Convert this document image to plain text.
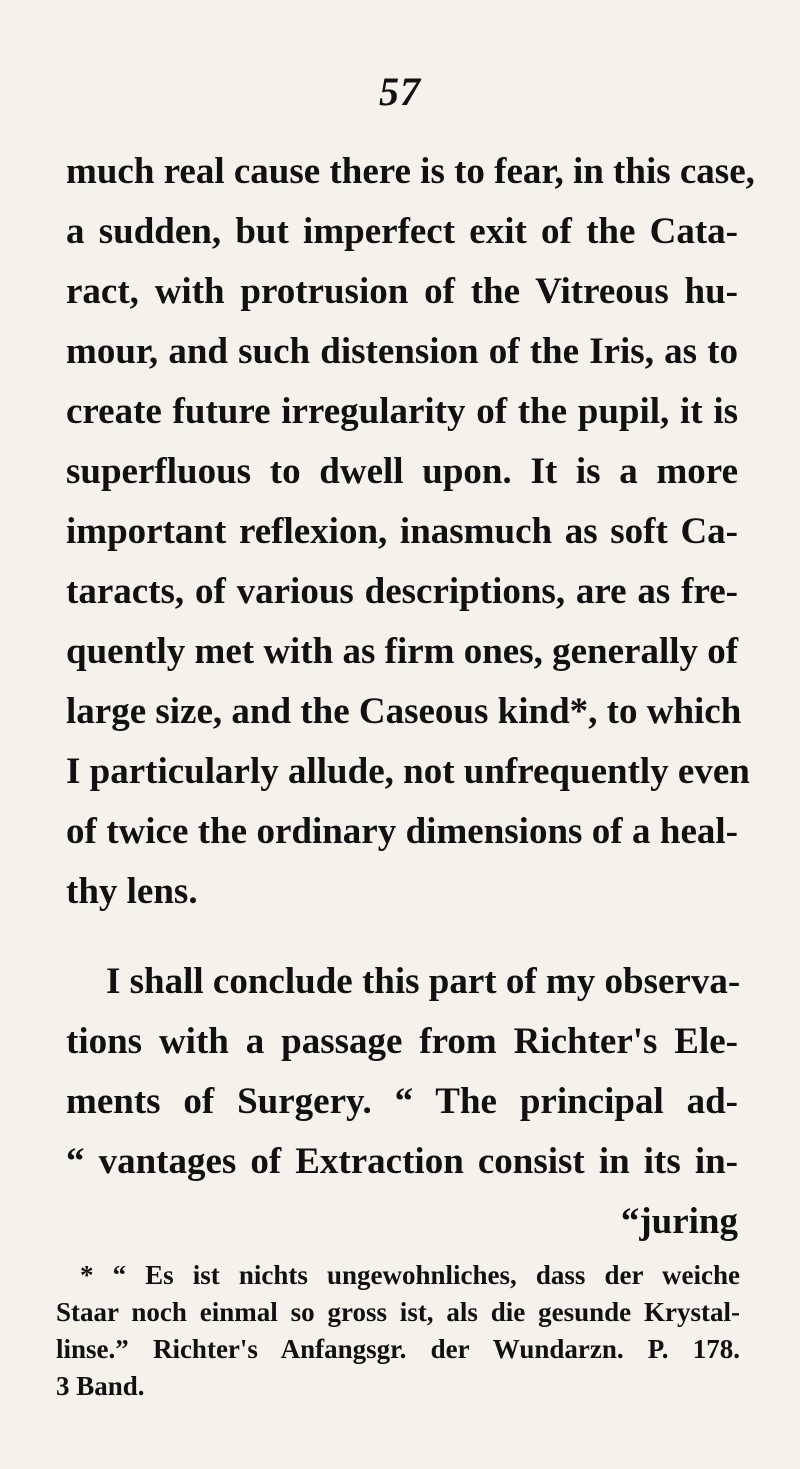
57
much real cause there is to fear, in this case,
a sudden, but imperfect exit of the Cata-
ract, with protrusion of the Vitreous hu-
mour, and such distension of the Iris, as to
create future irregularity of the pupil, it is
superfluous to dwell upon. It is a more
important reflexion, inasmuch as soft Ca-
taracts, of various descriptions, are as fre-
quently met with as firm ones, generally of
large size, and the Caseous kind*, to which
I particularly allude, not unfrequently even
of twice the ordinary dimensions of a heal-
thy lens.
I shall conclude this part of my observa-
tions with a passage from Richter's Ele-
ments of Surgery. “ The principal ad-
“ vantages of Extraction consist in its in-
“juring
* “ Es ist nichts ungewohnliches, dass der weiche
Staar noch einmal so gross ist, als die gesunde Krystal-
linse.” Richter's Anfangsgr. der Wundarzn. P. 178.
3 Band.
